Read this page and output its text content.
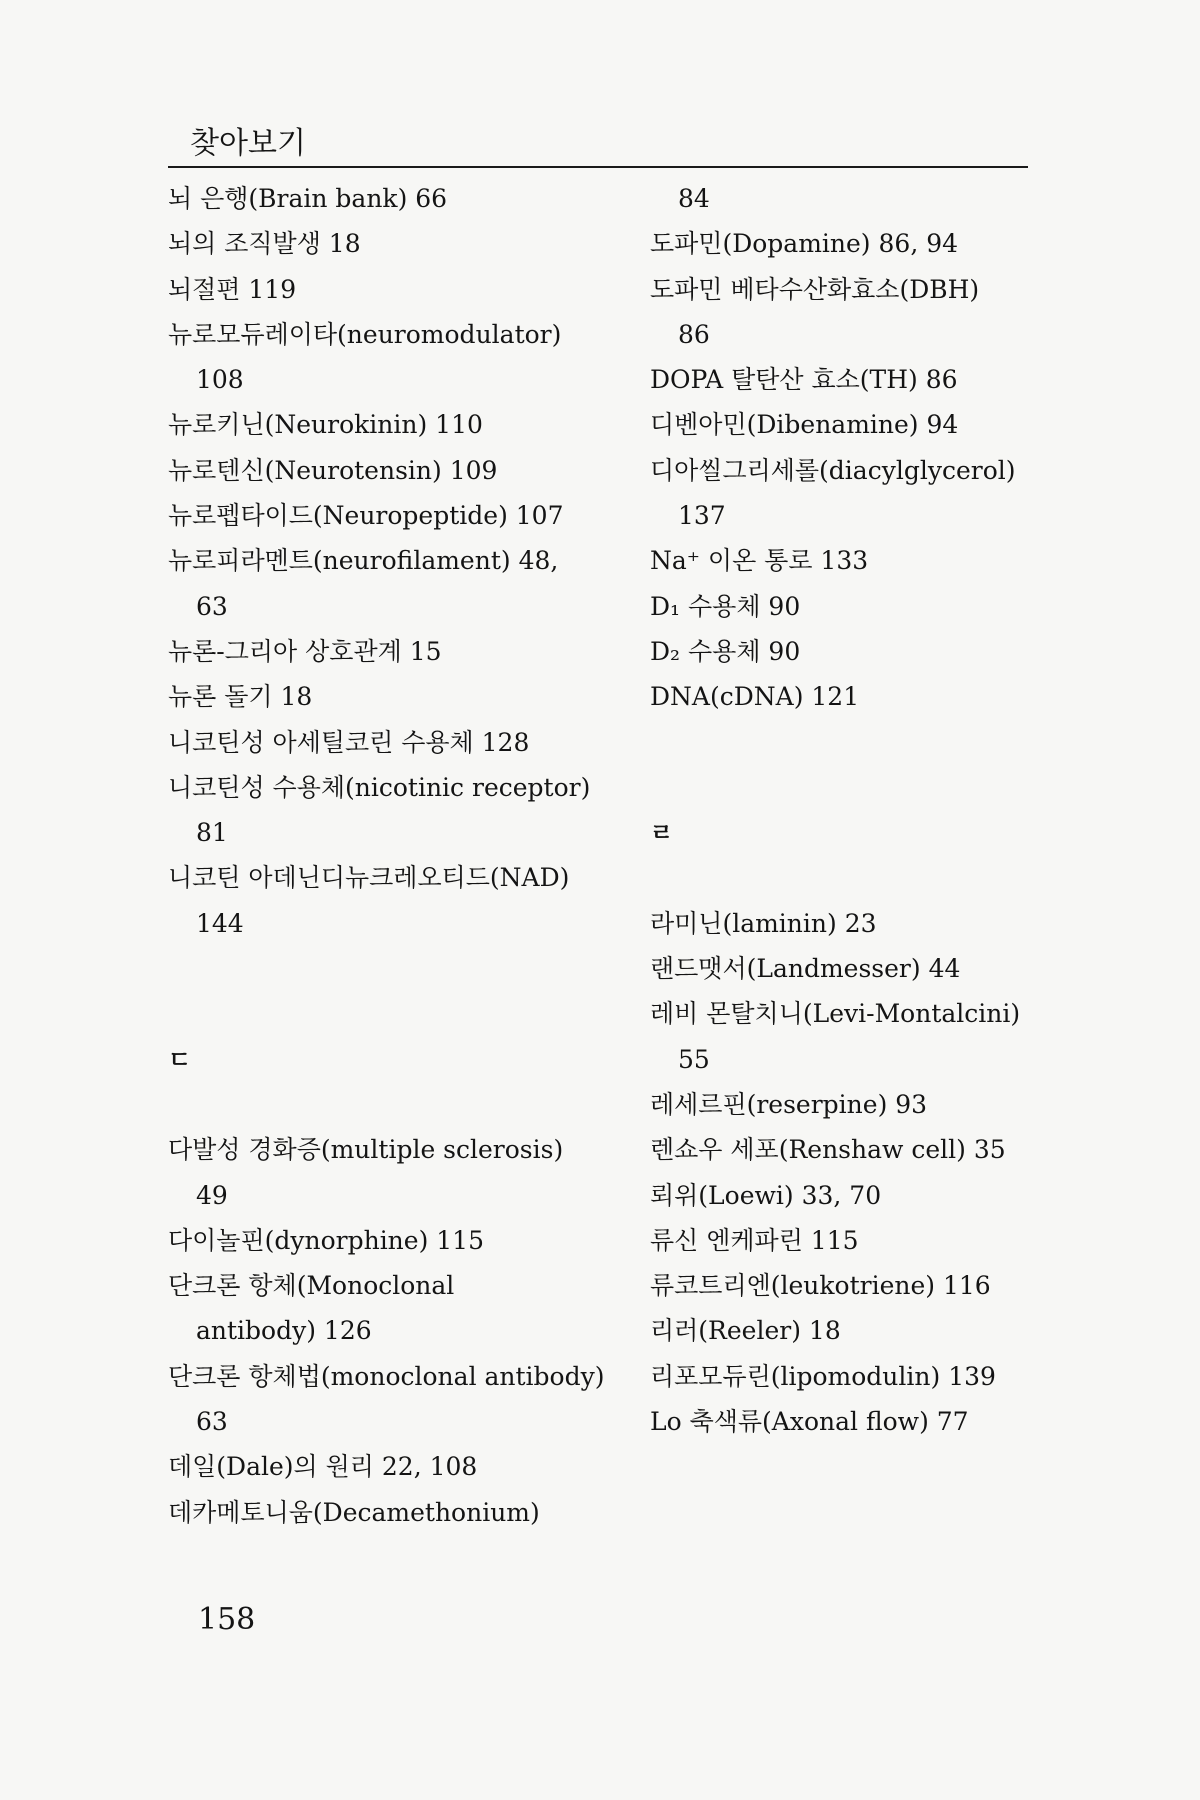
찾아보기
뇌 은행(Brain bank) 66
뇌의 조직발생 18
뇌절편 119
뉴로모듀레이타(neuromodulator)
108
뉴로키닌(Neurokinin) 110
뉴로텐신(Neurotensin) 109
뉴로펩타이드(Neuropeptide) 107
뉴로피라멘트(neurofilament) 48,
63
뉴론-그리아 상호관계 15
뉴론 돌기 18
니코틴성 아세틸코린 수용체 128
니코틴성 수용체(nicotinic receptor)
81
니코틴 아데닌디뉴크레오티드(NAD)
144
ㄷ
다발성 경화증(multiple sclerosis)
49
다이놀핀(dynorphine) 115
단크론 항체(Monoclonal
antibody) 126
단크론 항체법(monoclonal antibody)
63
데일(Dale)의 원리 22, 108
데카메토니움(Decamethonium)
84
도파민(Dopamine) 86, 94
도파민 베타수산화효소(DBH)
86
DOPA 탈탄산 효소(TH) 86
디벤아민(Dibenamine) 94
디아씰그리세롤(diacylglycerol)
137
Na⁺ 이온 통로 133
D₁ 수용체 90
D₂ 수용체 90
DNA(cDNA) 121
ㄹ
라미닌(laminin) 23
랜드맷서(Landmesser) 44
레비 몬탈치니(Levi-Montalcini)
55
레세르핀(reserpine) 93
렌쇼우 세포(Renshaw cell) 35
뢰위(Loewi) 33, 70
류신 엔케파린 115
류코트리엔(leukotriene) 116
리러(Reeler) 18
리포모듀린(lipomodulin) 139
Lo 축색류(Axonal flow) 77
158
